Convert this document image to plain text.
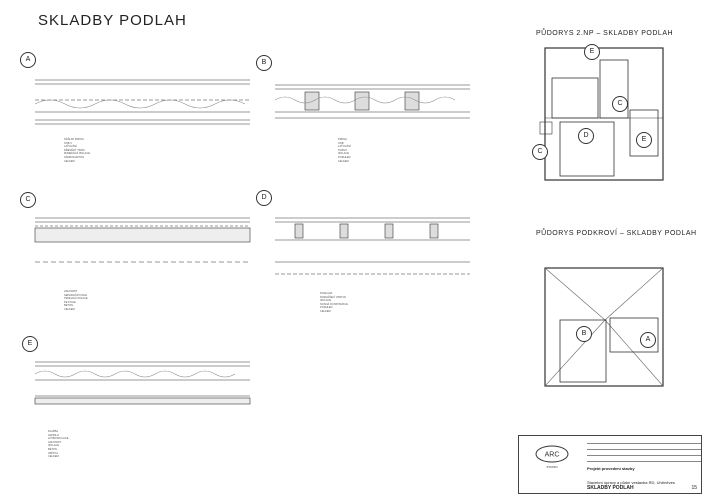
SKLADBY PODLAH
A	B
C	D
E
PŮDORYS 2.NP – SKLADBY PODLAH
E
C
C
D
E
PŮDORYS PODKROVÍ – SKLADBY PODLAH
B
A
NÁŠLAP PRKNA
OSB 3
LAŤOVÁNÍ
DŘEVĚNÝ TRÁM
MINERÁLNÍ IZOLACE
SÁDROKARTON
CELKEM
PRKNA
OSB
LAŤOVÁNÍ
TRÁMY
IZOLACE
PODHLED
CELKEM
ANHYDRIT
SEPARAČNÍ FOLIE
TEPELNÁ IZOLACE
PE FOLIE
BETON
CELKEM
PODLAHA
ROZNÁŠECÍ VRSTVA
IZOLACE
NOSNÁ KONSTRUKCE
PODHLED
CELKEM
DLAŽBA
LEPIDLO
HYDROIZOLACE
ANHYDRIT
IZOLACE
BETON
OMÍTKA
CELKEM	ARC
STUDIO	Projekt provedení stavby
Stavební úpravy a půdní vestavba RD, Uhříněves
SKLADBY PODLAH	15
